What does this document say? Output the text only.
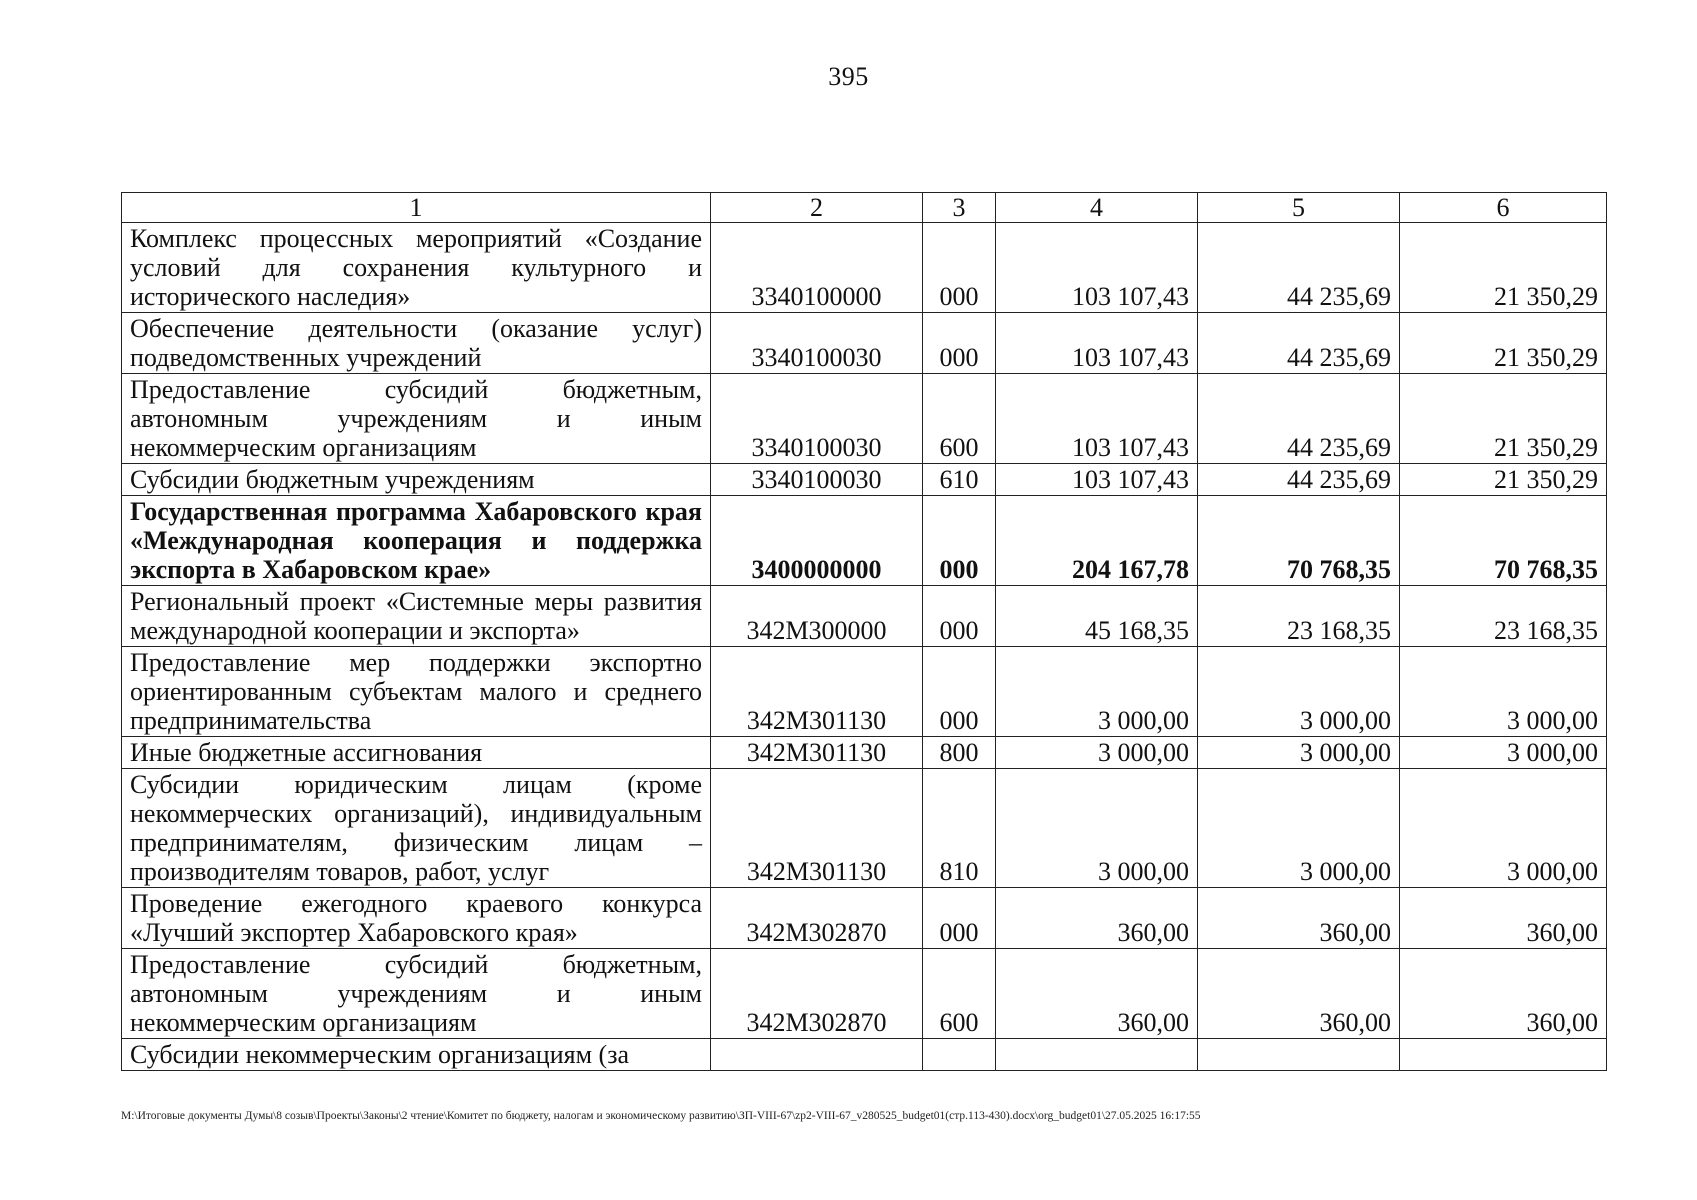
395
1	2	3	4	5	6
Комплекс процессных мероприятий «Создание условий для сохранения культурного и исторического наследия»	3340100000	000	103 107,43	44 235,69	21 350,29
Обеспечение деятельности (оказание услуг) подведомственных учреждений	3340100030	000	103 107,43	44 235,69	21 350,29
Предоставление субсидий бюджетным, автономным учреждениям и иным некоммерческим организациям	3340100030	600	103 107,43	44 235,69	21 350,29
Субсидии бюджетным учреждениям	3340100030	610	103 107,43	44 235,69	21 350,29
Государственная программа Хабаровского края «Международная кооперация и поддержка экспорта в Хабаровском крае»	3400000000	000	204 167,78	70 768,35	70 768,35
Региональный проект «Системные меры развития международной кооперации и экспорта»	342М300000	000	45 168,35	23 168,35	23 168,35
Предоставление мер поддержки экспортно ориентированным субъектам малого и среднего предпринимательства	342М301130	000	3 000,00	3 000,00	3 000,00
Иные бюджетные ассигнования	342М301130	800	3 000,00	3 000,00	3 000,00
Субсидии юридическим лицам (кроме некоммерческих организаций), индивидуальным предпринимателям, физическим лицам – производителям товаров, работ, услуг	342М301130	810	3 000,00	3 000,00	3 000,00
Проведение ежегодного краевого конкурса «Лучший экспортер Хабаровского края»	342М302870	000	360,00	360,00	360,00
Предоставление субсидий бюджетным, автономным учреждениям и иным некоммерческим организациям	342М302870	600	360,00	360,00	360,00
Субсидии некоммерческим организациям (за					
M:\Итоговые документы Думы\8 созыв\Проекты\Законы\2 чтение\Комитет по бюджету, налогам и экономическому развитию\ЗП-VIII-67\zp2-VIII-67_v280525_budget01(стр.113-430).docx\org_budget01\27.05.2025 16:17:55
